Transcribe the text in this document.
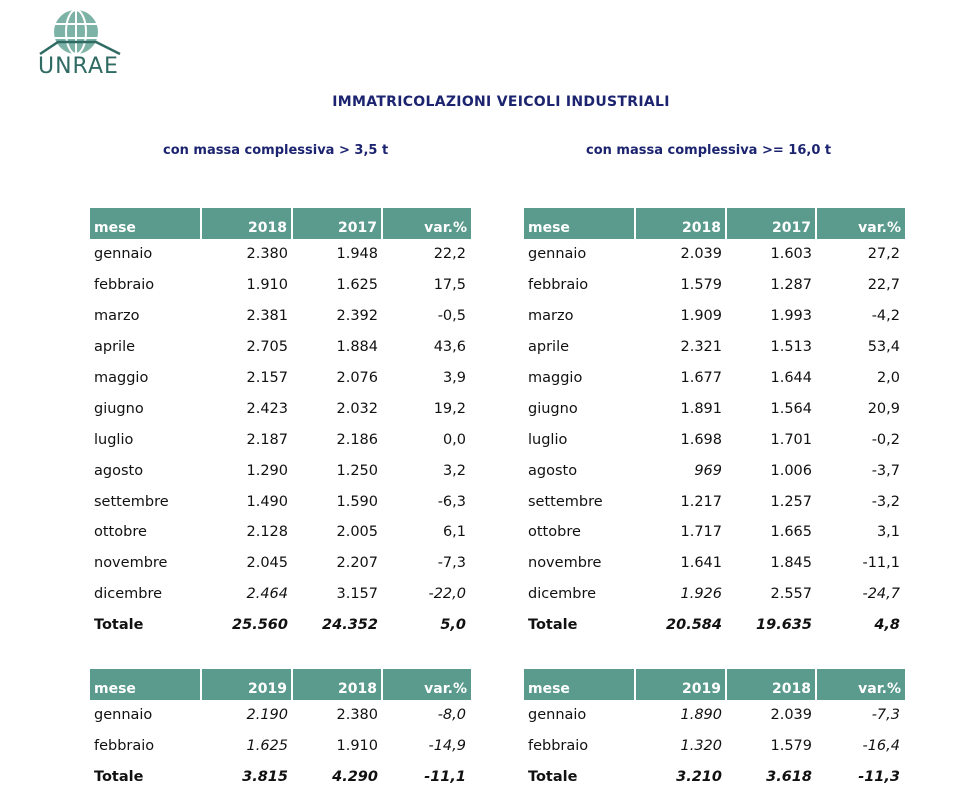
UNRAE
IMMATRICOLAZIONI VEICOLI INDUSTRIALI
con massa complessiva > 3,5 t	con massa complessiva >= 16,0 t
mese	2018	2017	var.%
gennaio	2.380	1.948	22,2
febbraio	1.910	1.625	17,5
marzo	2.381	2.392	-0,5
aprile	2.705	1.884	43,6
maggio	2.157	2.076	3,9
giugno	2.423	2.032	19,2
luglio	2.187	2.186	0,0
agosto	1.290	1.250	3,2
settembre	1.490	1.590	-6,3
ottobre	2.128	2.005	6,1
novembre	2.045	2.207	-7,3
dicembre	2.464	3.157	-22,0
Totale	25.560	24.352	5,0
mese	2018	2017	var.%
gennaio	2.039	1.603	27,2
febbraio	1.579	1.287	22,7
marzo	1.909	1.993	-4,2
aprile	2.321	1.513	53,4
maggio	1.677	1.644	2,0
giugno	1.891	1.564	20,9
luglio	1.698	1.701	-0,2
agosto	969	1.006	-3,7
settembre	1.217	1.257	-3,2
ottobre	1.717	1.665	3,1
novembre	1.641	1.845	-11,1
dicembre	1.926	2.557	-24,7
Totale	20.584	19.635	4,8
mese	2019	2018	var.%
gennaio	2.190	2.380	-8,0
febbraio	1.625	1.910	-14,9
Totale	3.815	4.290	-11,1
mese	2019	2018	var.%
gennaio	1.890	2.039	-7,3
febbraio	1.320	1.579	-16,4
Totale	3.210	3.618	-11,3
